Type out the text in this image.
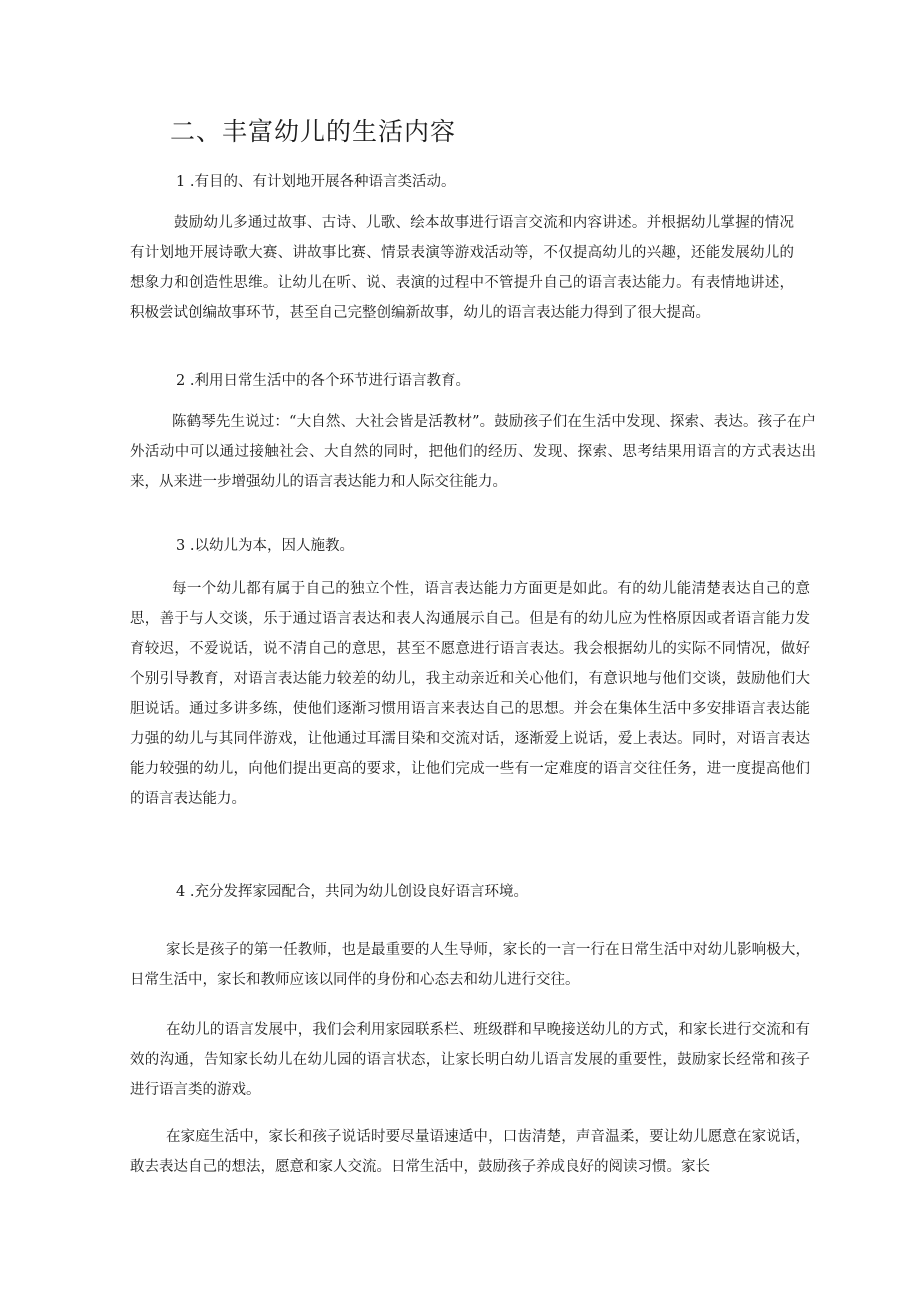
二、丰富幼儿的生活内容

1 .有目的、有计划地开展各种语言类活动。

鼓励幼儿多通过故事、古诗、儿歌、绘本故事进行语言交流和内容讲述。并根据幼儿掌握的情况有计划地开展诗歌大赛、讲故事比赛、情景表演等游戏活动等，不仅提高幼儿的兴趣，还能发展幼儿的想象力和创造性思维。让幼儿在听、说、表演的过程中不管提升自己的语言表达能力。有表情地讲述，积极尝试创编故事环节，甚至自己完整创编新故事，幼儿的语言表达能力得到了很大提高。

2 .利用日常生活中的各个环节进行语言教育。

陈鹤琴先生说过：“大自然、大社会皆是活教材”。鼓励孩子们在生活中发现、探索、表达。孩子在户外活动中可以通过接触社会、大自然的同时，把他们的经历、发现、探索、思考结果用语言的方式表达出来，从来进一步增强幼儿的语言表达能力和人际交往能力。

3 .以幼儿为本，因人施教。

每一个幼儿都有属于自己的独立个性，语言表达能力方面更是如此。有的幼儿能清楚表达自己的意思，善于与人交谈，乐于通过语言表达和表人沟通展示自己。但是有的幼儿应为性格原因或者语言能力发育较迟，不爱说话，说不清自己的意思，甚至不愿意进行语言表达。我会根据幼儿的实际不同情况，做好个别引导教育，对语言表达能力较差的幼儿，我主动亲近和关心他们，有意识地与他们交谈，鼓励他们大胆说话。通过多讲多练，使他们逐渐习惯用语言来表达自己的思想。并会在集体生活中多安排语言表达能力强的幼儿与其同伴游戏，让他通过耳濡目染和交流对话，逐渐爱上说话，爱上表达。同时，对语言表达能力较强的幼儿，向他们提出更高的要求，让他们完成一些有一定难度的语言交往任务，进一度提高他们的语言表达能力。

4 .充分发挥家园配合，共同为幼儿创设良好语言环境。

家长是孩子的第一任教师，也是最重要的人生导师，家长的一言一行在日常生活中对幼儿影响极大，日常生活中，家长和教师应该以同伴的身份和心态去和幼儿进行交往。

在幼儿的语言发展中，我们会利用家园联系栏、班级群和早晚接送幼儿的方式，和家长进行交流和有效的沟通，告知家长幼儿在幼儿园的语言状态，让家长明白幼儿语言发展的重要性，鼓励家长经常和孩子进行语言类的游戏。

在家庭生活中，家长和孩子说话时要尽量语速适中，口齿清楚，声音温柔，要让幼儿愿意在家说话，敢去表达自己的想法，愿意和家人交流。日常生活中，鼓励孩子养成良好的阅读习惯。家长
